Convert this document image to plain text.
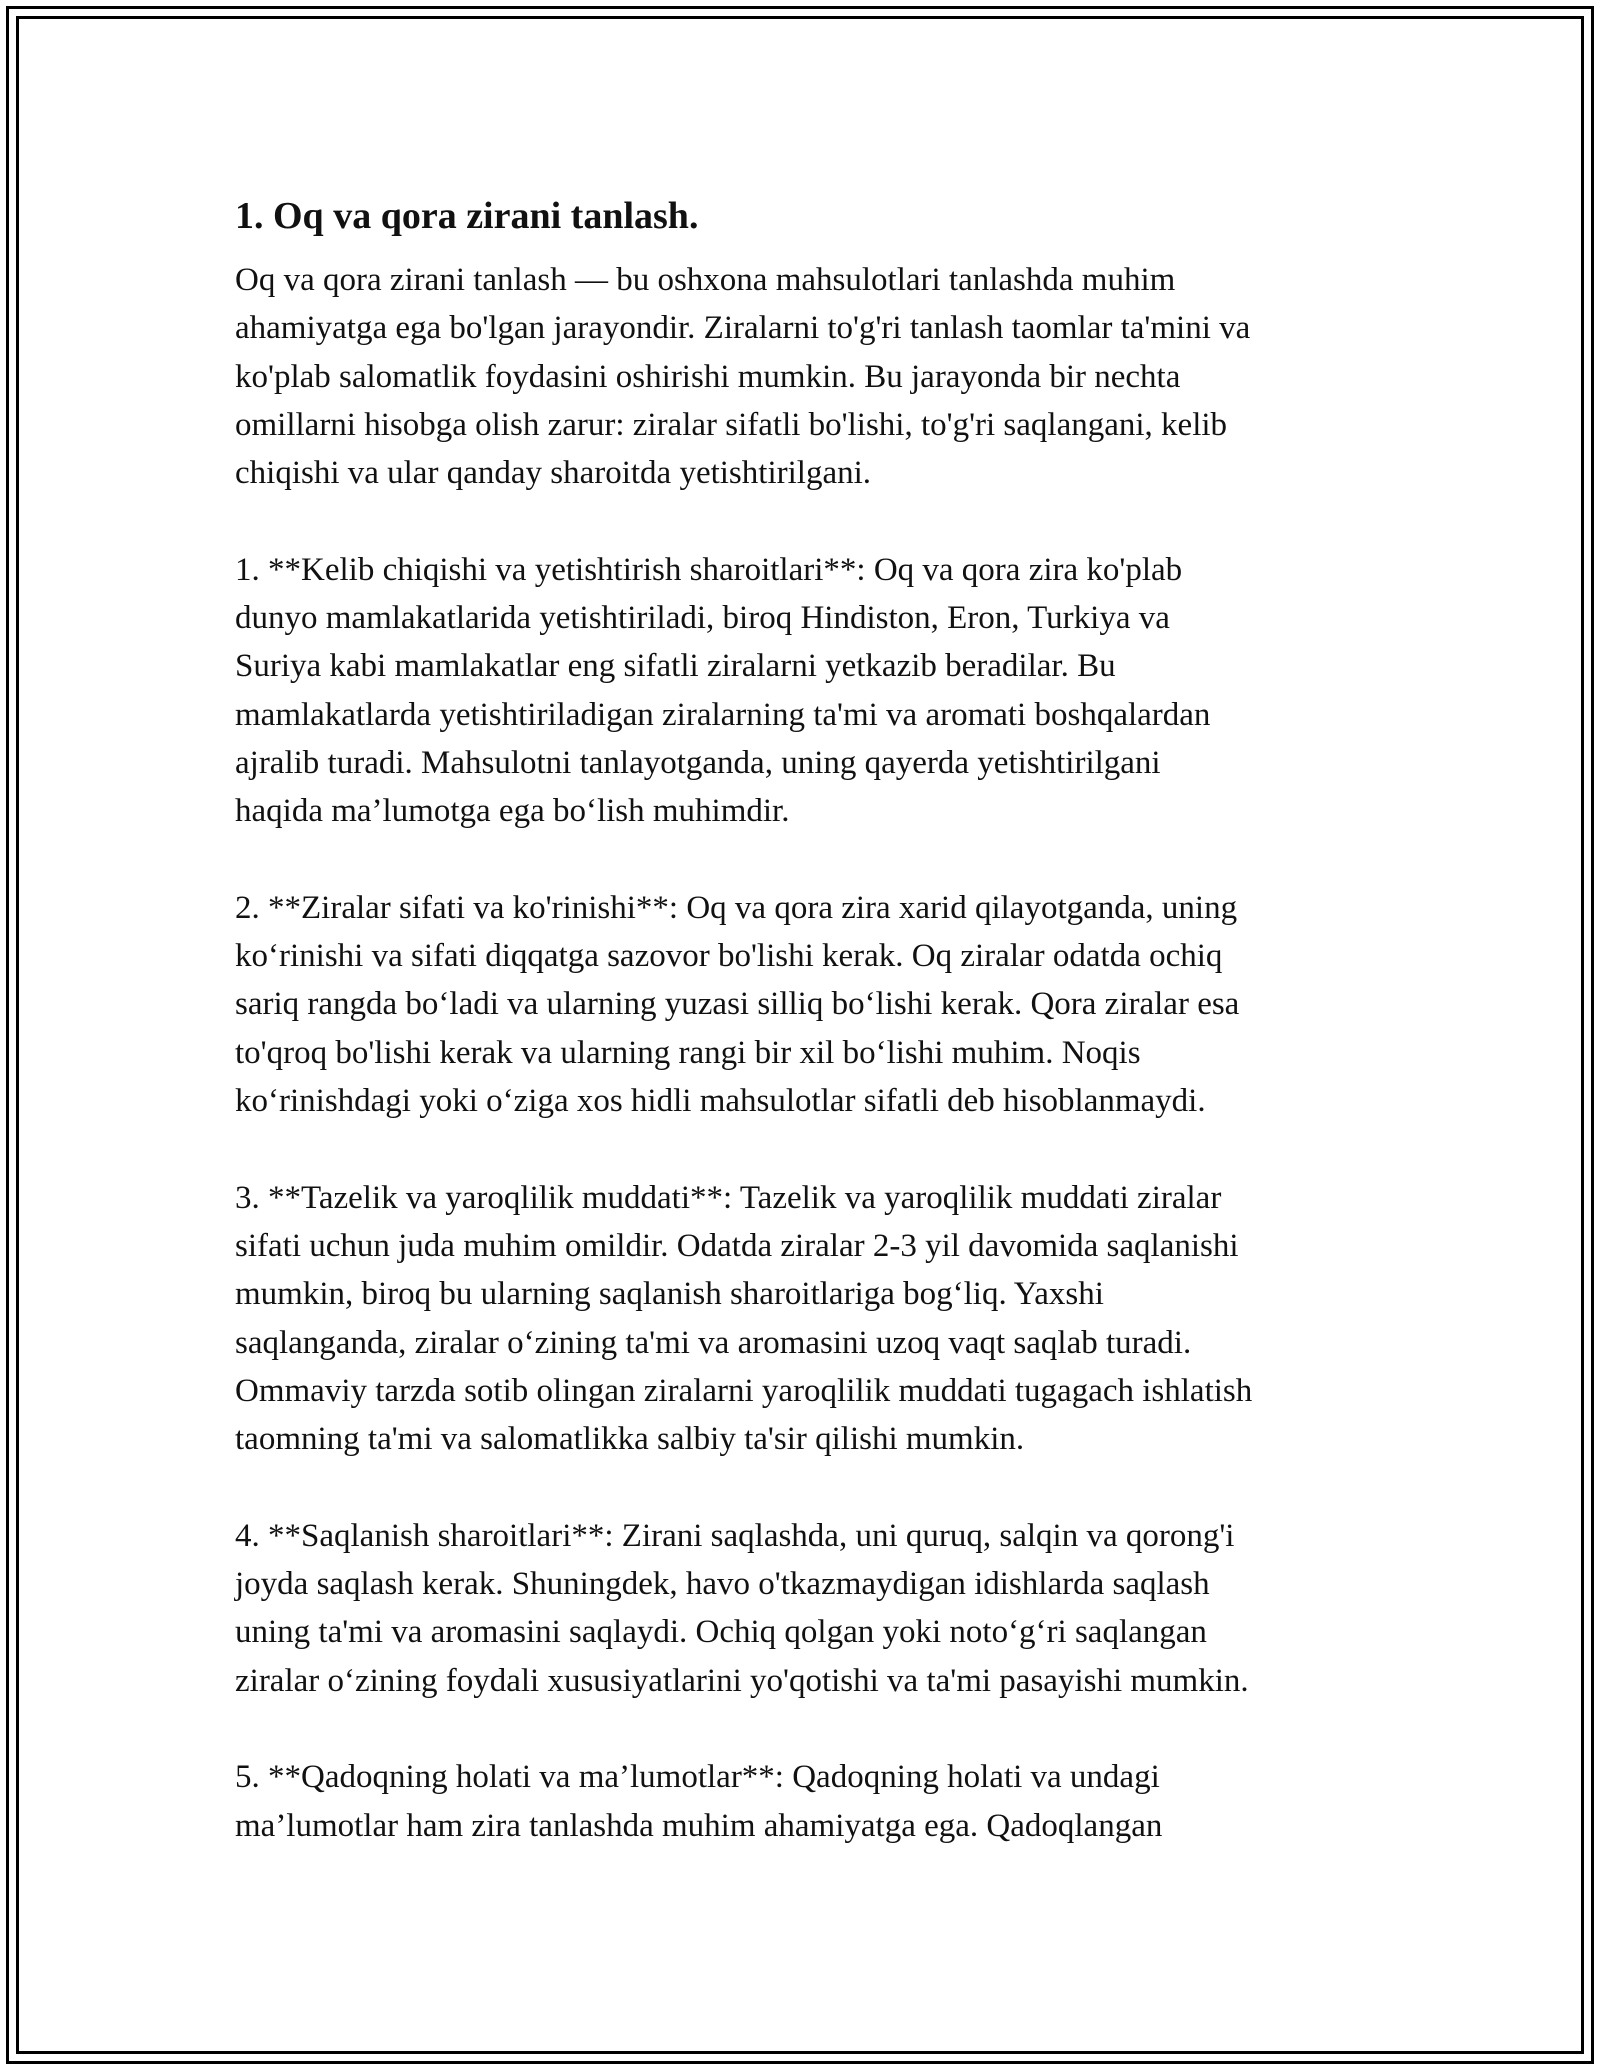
1. Oq va qora zirani tanlash.

Oq va qora zirani tanlash — bu oshxona mahsulotlari tanlashda muhim
ahamiyatga ega bo'lgan jarayondir. Ziralarni to'g'ri tanlash taomlar ta'mini va
ko'plab salomatlik foydasini oshirishi mumkin. Bu jarayonda bir nechta
omillarni hisobga olish zarur: ziralar sifatli bo'lishi, to'g'ri saqlangani, kelib
chiqishi va ular qanday sharoitda yetishtirilgani.

1. **Kelib chiqishi va yetishtirish sharoitlari**: Oq va qora zira ko'plab
dunyo mamlakatlarida yetishtiriladi, biroq Hindiston, Eron, Turkiya va
Suriya kabi mamlakatlar eng sifatli ziralarni yetkazib beradilar. Bu
mamlakatlarda yetishtiriladigan ziralarning ta'mi va aromati boshqalardan
ajralib turadi. Mahsulotni tanlayotganda, uning qayerda yetishtirilgani
haqida ma’lumotga ega bo‘lish muhimdir.

2. **Ziralar sifati va ko'rinishi**: Oq va qora zira xarid qilayotganda, uning
ko‘rinishi va sifati diqqatga sazovor bo'lishi kerak. Oq ziralar odatda ochiq
sariq rangda bo‘ladi va ularning yuzasi silliq bo‘lishi kerak. Qora ziralar esa
to'qroq bo'lishi kerak va ularning rangi bir xil bo‘lishi muhim. Noqis
ko‘rinishdagi yoki o‘ziga xos hidli mahsulotlar sifatli deb hisoblanmaydi.

3. **Tazelik va yaroqlilik muddati**: Tazelik va yaroqlilik muddati ziralar
sifati uchun juda muhim omildir. Odatda ziralar 2-3 yil davomida saqlanishi
mumkin, biroq bu ularning saqlanish sharoitlariga bog‘liq. Yaxshi
saqlanganda, ziralar o‘zining ta'mi va aromasini uzoq vaqt saqlab turadi.
Ommaviy tarzda sotib olingan ziralarni yaroqlilik muddati tugagach ishlatish
taomning ta'mi va salomatlikka salbiy ta'sir qilishi mumkin.

4. **Saqlanish sharoitlari**: Zirani saqlashda, uni quruq, salqin va qorong'i
joyda saqlash kerak. Shuningdek, havo o'tkazmaydigan idishlarda saqlash
uning ta'mi va aromasini saqlaydi. Ochiq qolgan yoki noto‘g‘ri saqlangan
ziralar o‘zining foydali xususiyatlarini yo'qotishi va ta'mi pasayishi mumkin.

5. **Qadoqning holati va ma’lumotlar**: Qadoqning holati va undagi
ma’lumotlar ham zira tanlashda muhim ahamiyatga ega. Qadoqlangan
